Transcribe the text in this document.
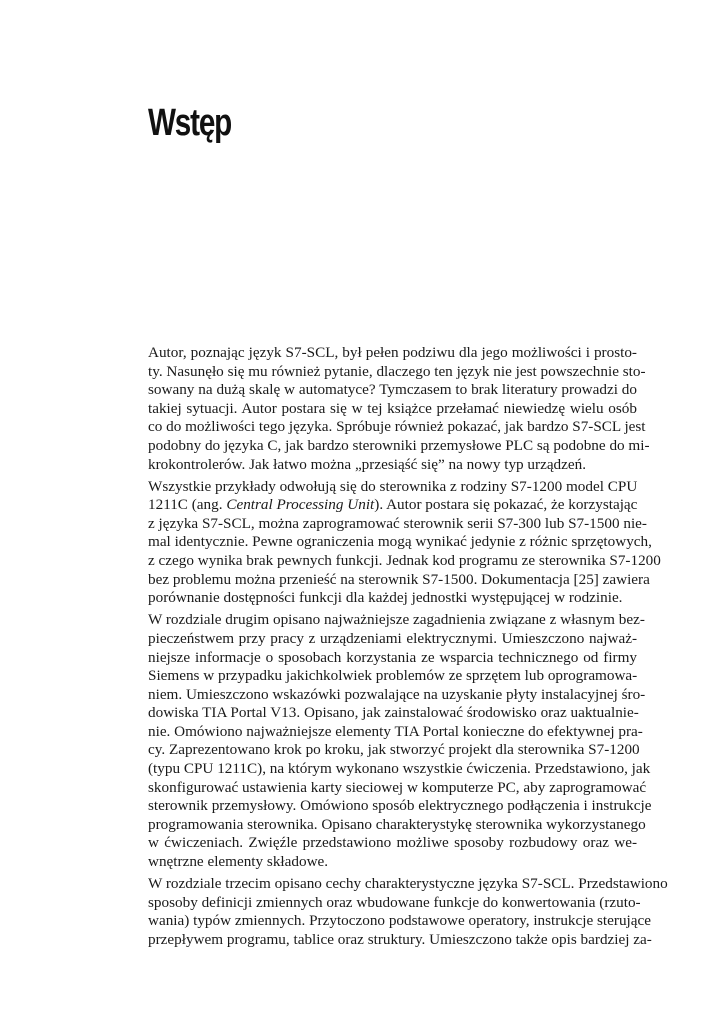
Wstęp

Autor, poznając język S7-SCL, był pełen podziwu dla jego możliwości i prosto-
ty. Nasunęło się mu również pytanie, dlaczego ten język nie jest powszechnie sto-
sowany na dużą skalę w automatyce? Tymczasem to brak literatury prowadzi do
takiej sytuacji. Autor postara się w tej książce przełamać niewiedzę wielu osób
co do możliwości tego języka. Spróbuje również pokazać, jak bardzo S7-SCL jest
podobny do języka C, jak bardzo sterowniki przemysłowe PLC są podobne do mi-
krokontrolerów. Jak łatwo można „przesiąść się” na nowy typ urządzeń.

Wszystkie przykłady odwołują się do sterownika z rodziny S7-1200 model CPU
1211C (ang. Central Processing Unit). Autor postara się pokazać, że korzystając
z języka S7-SCL, można zaprogramować sterownik serii S7-300 lub S7-1500 nie-
mal identycznie. Pewne ograniczenia mogą wynikać jedynie z różnic sprzętowych,
z czego wynika brak pewnych funkcji. Jednak kod programu ze sterownika S7-1200
bez problemu można przenieść na sterownik S7-1500. Dokumentacja [25] zawiera
porównanie dostępności funkcji dla każdej jednostki występującej w rodzinie.

W rozdziale drugim opisano najważniejsze zagadnienia związane z własnym bez-
pieczeństwem przy pracy z urządzeniami elektrycznymi. Umieszczono najważ-
niejsze informacje o sposobach korzystania ze wsparcia technicznego od firmy
Siemens w przypadku jakichkolwiek problemów ze sprzętem lub oprogramowa-
niem. Umieszczono wskazówki pozwalające na uzyskanie płyty instalacyjnej śro-
dowiska TIA Portal V13. Opisano, jak zainstalować środowisko oraz uaktualnie-
nie. Omówiono najważniejsze elementy TIA Portal konieczne do efektywnej pra-
cy. Zaprezentowano krok po kroku, jak stworzyć projekt dla sterownika S7-1200
(typu CPU 1211C), na którym wykonano wszystkie ćwiczenia. Przedstawiono, jak
skonfigurować ustawienia karty sieciowej w komputerze PC, aby zaprogramować
sterownik przemysłowy. Omówiono sposób elektrycznego podłączenia i instrukcje
programowania sterownika. Opisano charakterystykę sterownika wykorzystanego
w ćwiczeniach. Zwięźle przedstawiono możliwe sposoby rozbudowy oraz we-
wnętrzne elementy składowe.

W rozdziale trzecim opisano cechy charakterystyczne języka S7-SCL. Przedstawiono
sposoby definicji zmiennych oraz wbudowane funkcje do konwertowania (rzuto-
wania) typów zmiennych. Przytoczono podstawowe operatory, instrukcje sterujące
przepływem programu, tablice oraz struktury. Umieszczono także opis bardziej za-
